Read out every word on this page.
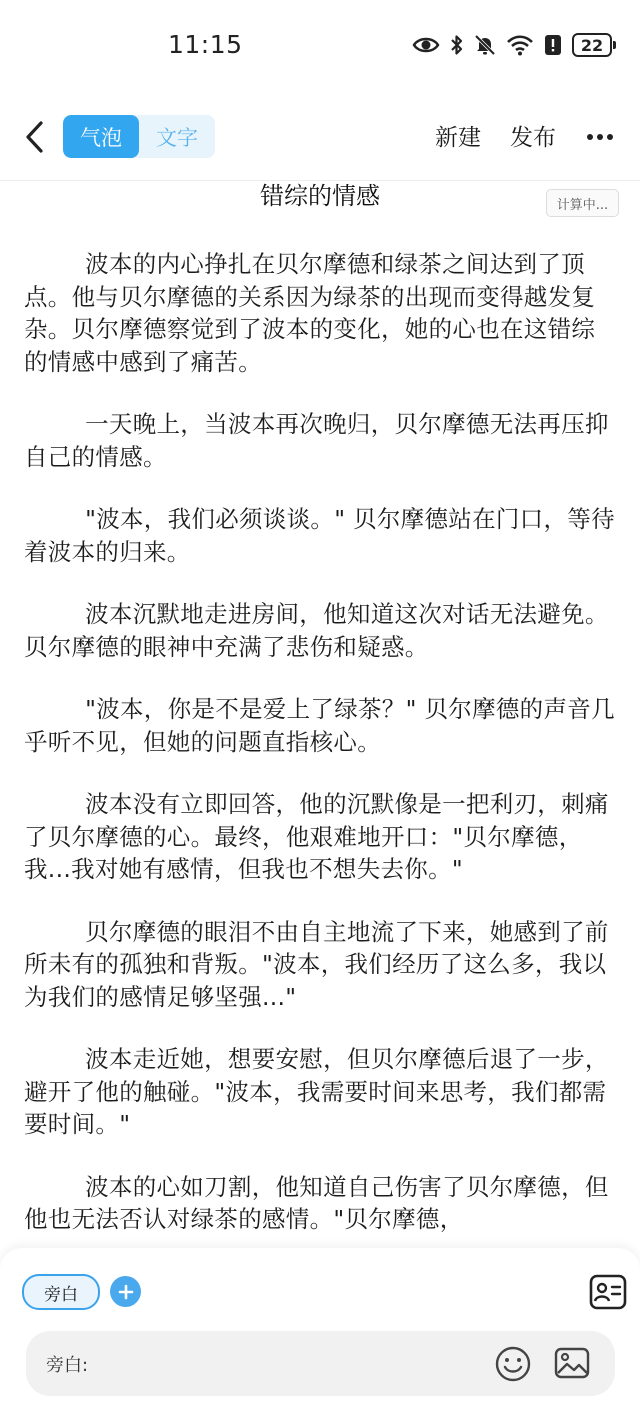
11:15	22
气泡	文字	新建 发布
错综的情感	计算中...

波本的内心挣扎在贝尔摩德和绿茶之间达到了顶点。他与贝尔摩德的关系因为绿茶的出现而变得越发复杂。贝尔摩德察觉到了波本的变化，她的心也在这错综的情感中感到了痛苦。

一天晚上，当波本再次晚归，贝尔摩德无法再压抑自己的情感。

"波本，我们必须谈谈。" 贝尔摩德站在门口，等待着波本的归来。

波本沉默地走进房间，他知道这次对话无法避免。贝尔摩德的眼神中充满了悲伤和疑惑。

"波本，你是不是爱上了绿茶？" 贝尔摩德的声音几乎听不见，但她的问题直指核心。

波本没有立即回答，他的沉默像是一把利刃，刺痛了贝尔摩德的心。最终，他艰难地开口："贝尔摩德，我...我对她有感情，但我也不想失去你。"

贝尔摩德的眼泪不由自主地流了下来，她感到了前所未有的孤独和背叛。"波本，我们经历了这么多，我以为我们的感情足够坚强..."

波本走近她，想要安慰，但贝尔摩德后退了一步，避开了他的触碰。"波本，我需要时间来思考，我们都需要时间。"

波本的心如刀割，他知道自己伤害了贝尔摩德，但他也无法否认对绿茶的感情。"贝尔摩德，

旁白
旁白:
